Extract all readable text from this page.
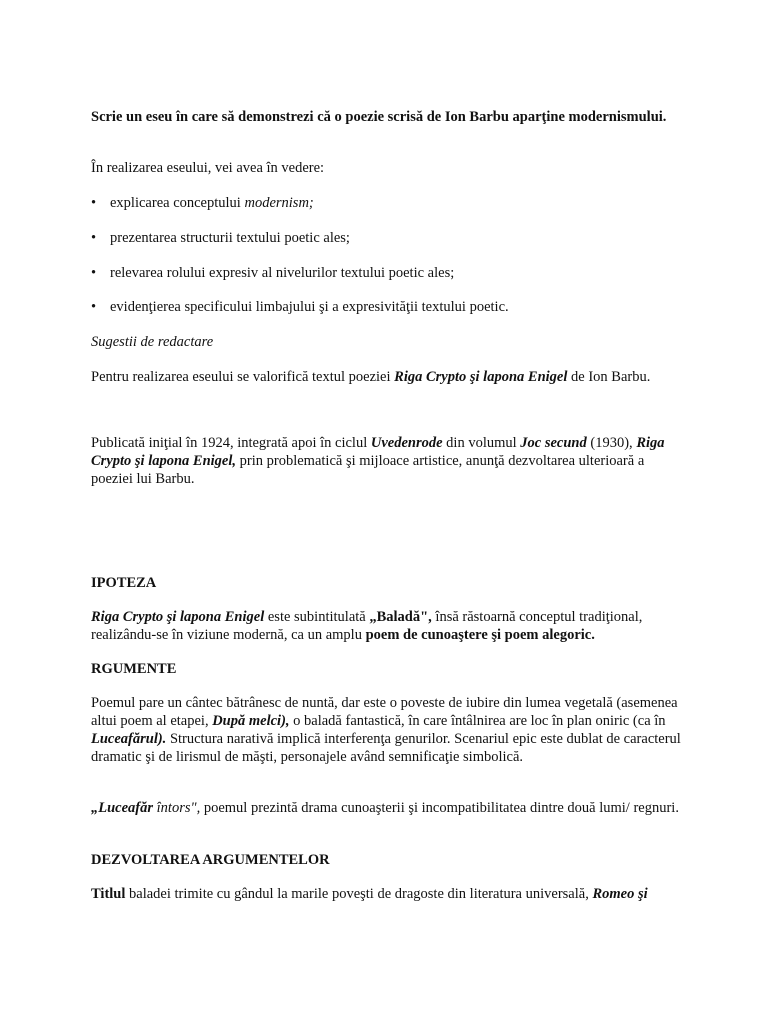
Scrie un eseu în care să demonstrezi că o poezie scrisă de Ion Barbu aparţine modernismului.

În realizarea eseului, vei avea în vedere:

• explicarea conceptului modernism;
• prezentarea structurii textului poetic ales;
• relevarea rolului expresiv al nivelurilor textului poetic ales;
• evidenţierea specificului limbajului şi a expresivităţii textului poetic.

Sugestii de redactare

Pentru realizarea eseului se valorifică textul poeziei Riga Crypto şi lapona Enigel de Ion Barbu.

Publicată iniţial în 1924, integrată apoi în ciclul Uvedenrode din volumul Joc secund (1930), Riga Crypto şi lapona Enigel, prin problematică şi mijloace artistice, anunţă dezvoltarea ulterioară a poeziei lui Barbu.

IPOTEZA

Riga Crypto şi lapona Enigel este subintitulată „Baladă", însă răstoarnă conceptul tradiţional, realizându-se în viziune modernă, ca un amplu poem de cunoaştere şi poem alegoric.

RGUMENTE

Poemul pare un cântec bătrânesc de nuntă, dar este o poveste de iubire din lumea vegetală (asemenea altui poem al etapei, După melci), o baladă fantastică, în care întâlnirea are loc în plan oniric (ca în Luceafărul). Structura narativă implică interferenţa genurilor. Scenariul epic este dublat de caracterul dramatic şi de lirismul de măşti, personajele având semnificaţie simbolică.

„Luceafăr întors", poemul prezintă drama cunoaşterii şi incompatibilitatea dintre două lumi/ regnuri.

DEZVOLTAREA ARGUMENTELOR

Titlul baladei trimite cu gândul la marile poveşti de dragoste din literatura universală, Romeo şi
